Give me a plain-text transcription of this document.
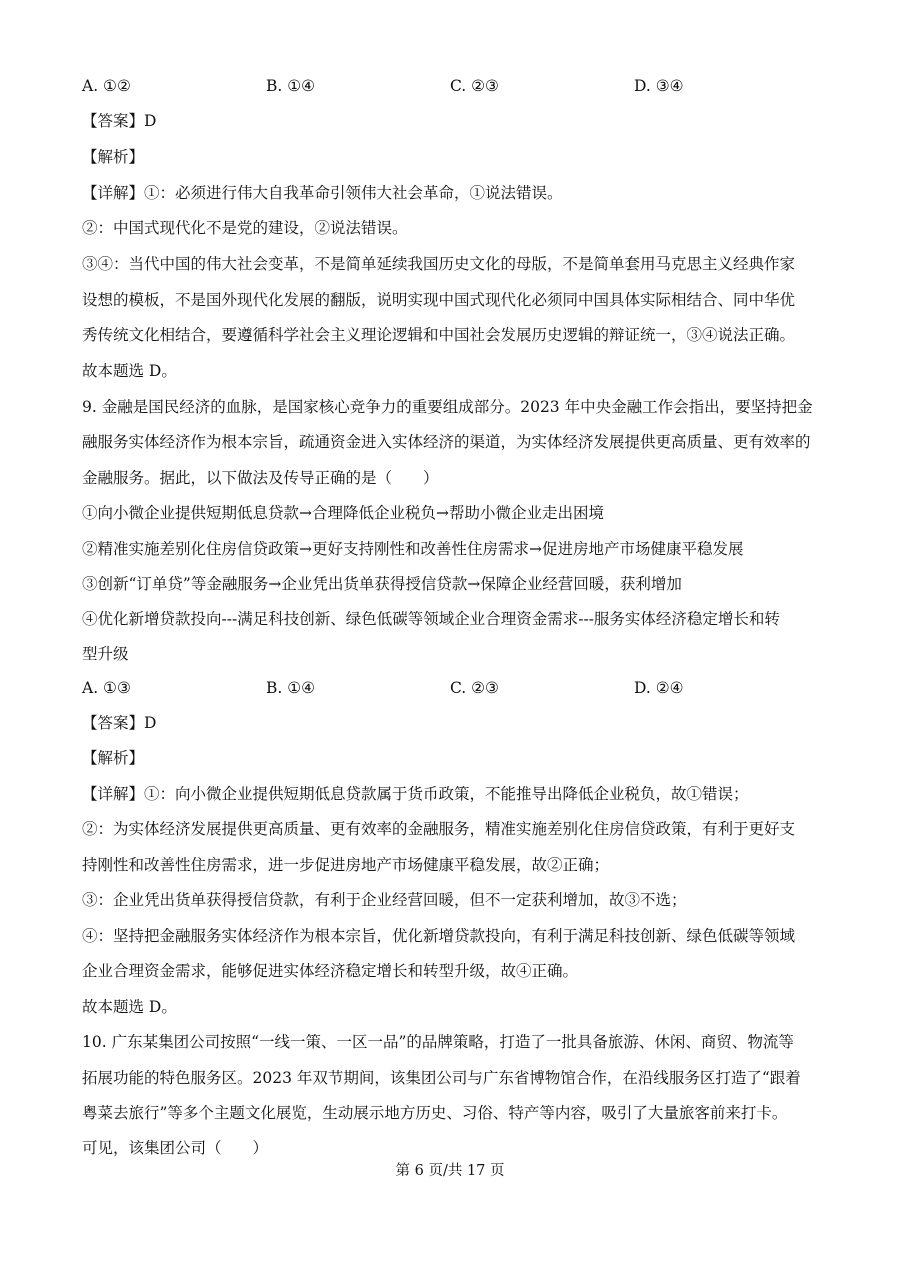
A. ①②	B. ①④	C. ②③	D. ③④
【答案】D
【解析】
【详解】①：必须进行伟大自我革命引领伟大社会革命，①说法错误。
②：中国式现代化不是党的建设，②说法错误。
③④：当代中国的伟大社会变革，不是简单延续我国历史文化的母版，不是简单套用马克思主义经典作家
设想的模板，不是国外现代化发展的翻版，说明实现中国式现代化必须同中国具体实际相结合、同中华优
秀传统文化相结合，要遵循科学社会主义理论逻辑和中国社会发展历史逻辑的辩证统一，③④说法正确。
故本题选 D。
9. 金融是国民经济的血脉，是国家核心竞争力的重要组成部分。2023 年中央金融工作会指出，要坚持把金
融服务实体经济作为根本宗旨，疏通资金进入实体经济的渠道，为实体经济发展提供更高质量、更有效率的
金融服务。据此，以下做法及传导正确的是（　　）
①向小微企业提供短期低息贷款→合理降低企业税负→帮助小微企业走出困境
②精准实施差别化住房信贷政策→更好支持刚性和改善性住房需求→促进房地产市场健康平稳发展
③创新“订单贷”等金融服务→企业凭出货单获得授信贷款→保障企业经营回暖，获利增加
④优化新增贷款投向---满足科技创新、绿色低碳等领域企业合理资金需求---服务实体经济稳定增长和转
型升级
A. ①③	B. ①④	C. ②③	D. ②④
【答案】D
【解析】
【详解】①：向小微企业提供短期低息贷款属于货币政策，不能推导出降低企业税负，故①错误；
②：为实体经济发展提供更高质量、更有效率的金融服务，精准实施差别化住房信贷政策，有利于更好支
持刚性和改善性住房需求，进一步促进房地产市场健康平稳发展，故②正确；
③：企业凭出货单获得授信贷款，有利于企业经营回暖，但不一定获利增加，故③不选；
④：坚持把金融服务实体经济作为根本宗旨，优化新增贷款投向，有利于满足科技创新、绿色低碳等领域
企业合理资金需求，能够促进实体经济稳定增长和转型升级，故④正确。
故本题选 D。
10. 广东某集团公司按照“一线一策、一区一品”的品牌策略，打造了一批具备旅游、休闲、商贸、物流等
拓展功能的特色服务区。2023 年双节期间，该集团公司与广东省博物馆合作，在沿线服务区打造了“跟着
粤菜去旅行”等多个主题文化展览，生动展示地方历史、习俗、特产等内容，吸引了大量旅客前来打卡。
可见，该集团公司（　　）
第 6 页/共 17 页
